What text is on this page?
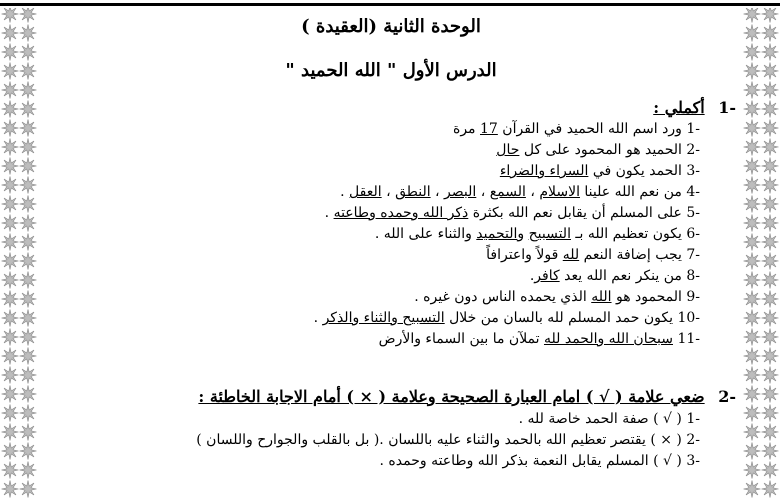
الوحدة الثانية (العقيدة )
الدرس الأول " الله الحميد "
-1 أكملي :
-1 ورد اسم الله الحميد في القرآن 17 مرة
-2 الحميد هو المحمود على كل حال
-3 الحمد يكون في السراء والضراء
-4 من نعم الله علينا الاسلام ، السمع ، البصر ، النطق ، العقل .
-5 على المسلم أن يقابل نعم الله بكثرة ذكر الله وحمده وطاعته .
-6 يكون تعظيم الله بـ التسبيح والتحميد والثناء على الله .
-7 يجب إضافة النعم لله قولاً واعترافاً
-8 من ينكر نعم الله يعد كافر.
-9 المحمود هو الله الذي يحمده الناس دون غيره .
-10 يكون حمد المسلم لله بالسان من خلال التسبيح والثناء والذكر .
-11 سبحان الله والحمد لله تملآن ما بين السماء والأرض
-2 ضعي علامة ( √ ) امام العبارة الصحيحة وعلامة ( × ) أمام الاجابة الخاطئة :
-1 ( √ ) صفة الحمد خاصة لله .
-2 ( × ) يقتصر تعظيم الله بالحمد والثناء عليه باللسان .( بل بالقلب والجوارح واللسان )
-3 ( √ ) المسلم يقابل النعمة بذكر الله وطاعته وحمده .
